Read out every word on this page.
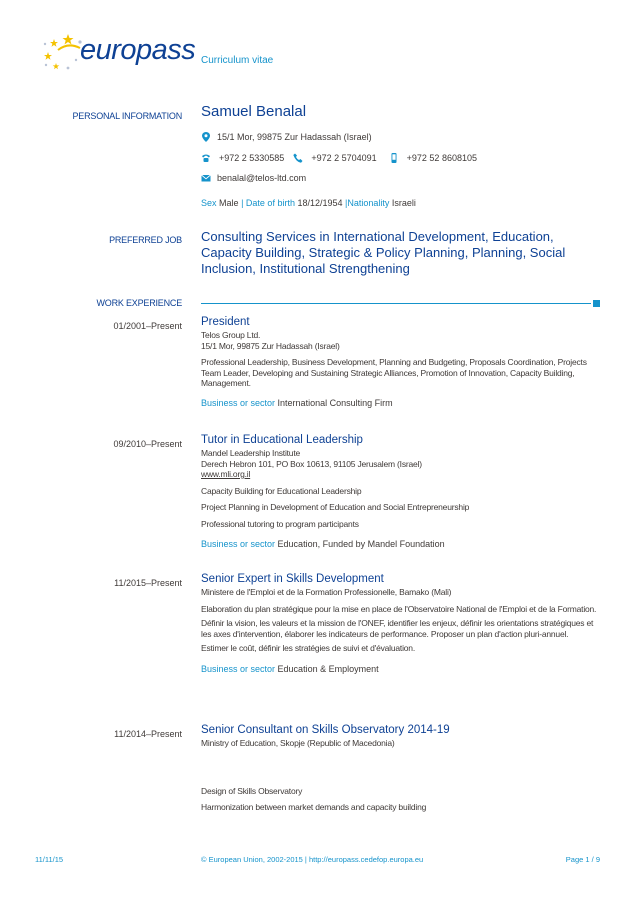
europass Curriculum vitae
PERSONAL INFORMATION Samuel Benalal
15/1 Mor, 99875 Zur Hadassah (Israel)
+972 2 5330585	+972 2 5704091	+972 52 8608105
benalal@telos-ltd.com
Sex Male | Date of birth 18/12/1954 |Nationality Israeli
PREFERRED JOB Consulting Services in International Development, Education, Capacity Building, Strategic & Policy Planning, Planning, Social Inclusion, Institutional Strengthening
WORK EXPERIENCE
01/2001–Present President
Telos Group Ltd.
15/1 Mor, 99875 Zur Hadassah (Israel)
Professional Leadership, Business Development, Planning and Budgeting, Proposals Coordination, Projects Team Leader, Developing and Sustaining Strategic Alliances, Promotion of Innovation, Capacity Building, Management.
Business or sector International Consulting Firm
09/2010–Present Tutor in Educational Leadership
Mandel Leadership Institute
Derech Hebron 101, PO Box 10613, 91105 Jerusalem (Israel)
www.mli.org.il
Capacity Building for Educational Leadership
Project Planning in Development of Education and Social Entrepreneurship
Professional tutoring to program participants
Business or sector Education, Funded by Mandel Foundation
11/2015–Present Senior Expert in Skills Development
Ministere de l'Emploi et de la Formation Professionelle, Bamako (Mali)
Elaboration du plan stratégique pour la mise en place de l'Observatoire National de l'Emploi et de la Formation.
Définir la vision, les valeurs et la mission de l'ONEF, identifier les enjeux, définir les orientations stratégiques et les axes d'intervention, élaborer les indicateurs de performance. Proposer un plan d'action pluri-annuel.
Estimer le coût, définir les stratégies de suivi et d'évaluation.
Business or sector Education & Employment
11/2014–Present Senior Consultant on Skills Observatory 2014-19
Ministry of Education, Skopje (Republic of Macedonia)
Design of Skills Observatory
Harmonization between market demands and capacity building
11/11/15	© European Union, 2002-2015 | http://europass.cedefop.europa.eu	Page 1 / 9
